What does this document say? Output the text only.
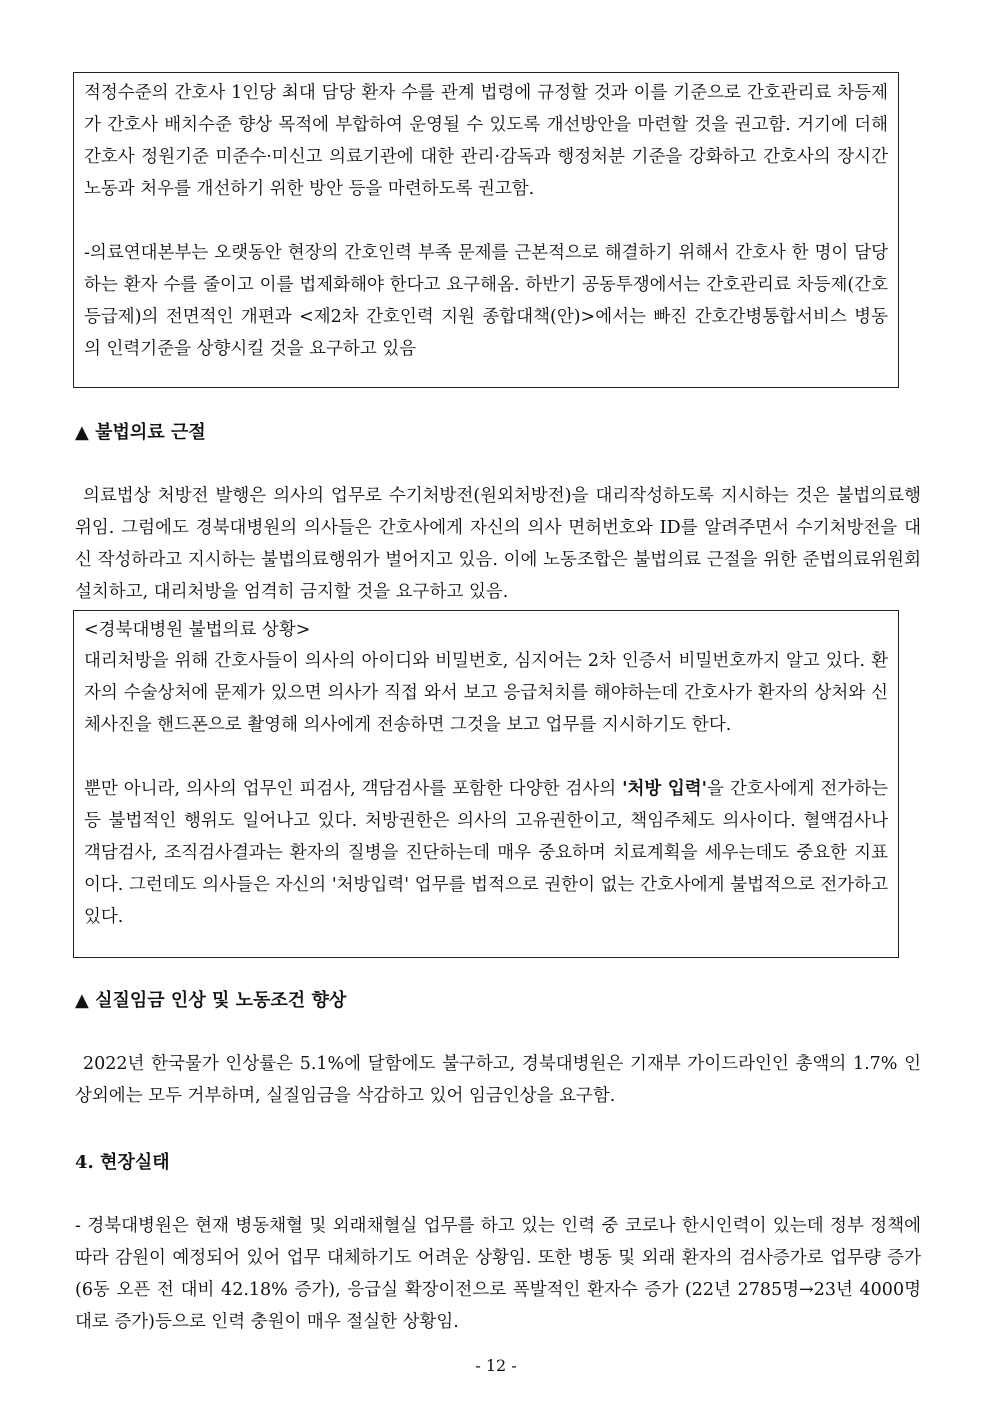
적정수준의 간호사 1인당 최대 담당 환자 수를 관계 법령에 규정할 것과 이를 기준으로 간호관리료 차등제가 간호사 배치수준 향상 목적에 부합하여 운영될 수 있도록 개선방안을 마련할 것을 권고함. 거기에 더해 간호사 정원기준 미준수·미신고 의료기관에 대한 관리·감독과 행정처분 기준을 강화하고 간호사의 장시간 노동과 처우를 개선하기 위한 방안 등을 마련하도록 권고함.

-의료연대본부는 오랫동안 현장의 간호인력 부족 문제를 근본적으로 해결하기 위해서 간호사 한 명이 담당하는 환자 수를 줄이고 이를 법제화해야 한다고 요구해옴. 하반기 공동투쟁에서는 간호관리료 차등제(간호등급제)의 전면적인 개편과 <제2차 간호인력 지원 종합대책(안)>에서는 빠진 간호간병통합서비스 병동의 인력기준을 상향시킬 것을 요구하고 있음

▲ 불법의료 근절

의료법상 처방전 발행은 의사의 업무로 수기처방전(원외처방전)을 대리작성하도록 지시하는 것은 불법의료행위임. 그럼에도 경북대병원의 의사들은 간호사에게 자신의 의사 면허번호와 ID를 알려주면서 수기처방전을 대신 작성하라고 지시하는 불법의료행위가 벌어지고 있음. 이에 노동조합은 불법의료 근절을 위한 준법의료위원회 설치하고, 대리처방을 엄격히 금지할 것을 요구하고 있음.

<경북대병원 불법의료 상황>

대리처방을 위해 간호사들이 의사의 아이디와 비밀번호, 심지어는 2차 인증서 비밀번호까지 알고 있다. 환자의 수술상처에 문제가 있으면 의사가 직접 와서 보고 응급처치를 해야하는데 간호사가 환자의 상처와 신체사진을 핸드폰으로 촬영해 의사에게 전송하면 그것을 보고 업무를 지시하기도 한다.

뿐만 아니라, 의사의 업무인 피검사, 객담검사를 포함한 다양한 검사의 '처방 입력'을 간호사에게 전가하는 등 불법적인 행위도 일어나고 있다. 처방권한은 의사의 고유권한이고, 책임주체도 의사이다. 혈액검사나 객담검사, 조직검사결과는 환자의 질병을 진단하는데 매우 중요하며 치료계획을 세우는데도 중요한 지표이다. 그런데도 의사들은 자신의 '처방입력' 업무를 법적으로 권한이 없는 간호사에게 불법적으로 전가하고 있다.

▲ 실질임금 인상 및 노동조건 향상

2022년 한국물가 인상률은 5.1%에 달함에도 불구하고, 경북대병원은 기재부 가이드라인인 총액의 1.7% 인상외에는 모두 거부하며, 실질임금을 삭감하고 있어 임금인상을 요구함.

4. 현장실태

- 경북대병원은 현재 병동채혈 및 외래채혈실 업무를 하고 있는 인력 중 코로나 한시인력이 있는데 정부 정책에 따라 감원이 예정되어 있어 업무 대체하기도 어려운 상황임. 또한 병동 및 외래 환자의 검사증가로 업무량 증가 (6동 오픈 전 대비 42.18% 증가), 응급실 확장이전으로 폭발적인 환자수 증가 (22년 2785명→23년 4000명대로 증가)등으로 인력 충원이 매우 절실한 상황임.

- 12 -
